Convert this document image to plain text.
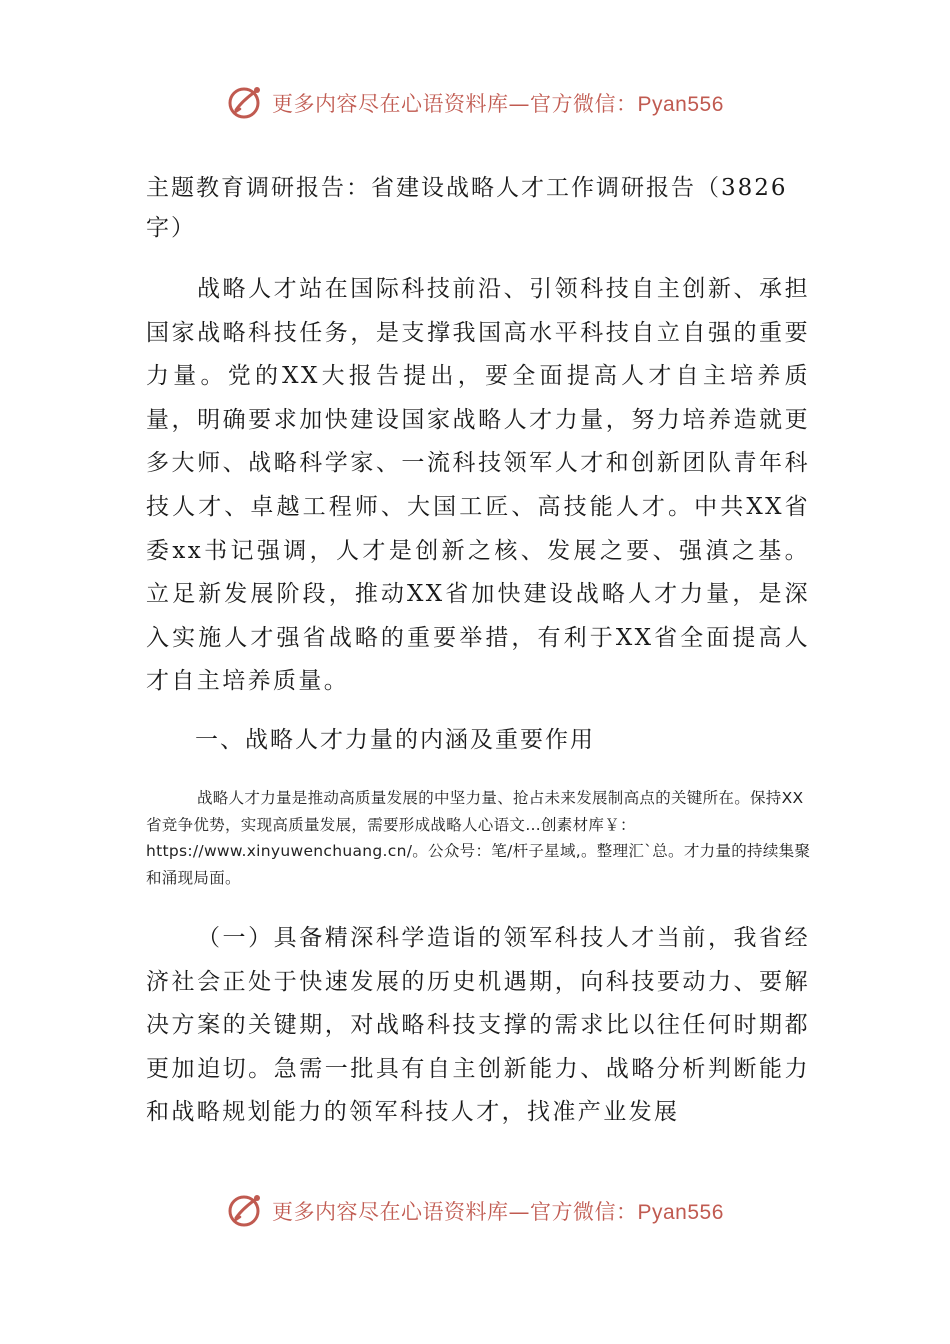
更多内容尽在心语资料库—官方微信：Pyan556
主题教育调研报告：省建设战略人才工作调研报告（3826字）

战略人才站在国际科技前沿、引领科技自主创新、承担国家战略科技任务，是支撑我国高水平科技自立自强的重要力量。党的XX大报告提出，要全面提高人才自主培养质量，明确要求加快建设国家战略人才力量，努力培养造就更多大师、战略科学家、一流科技领军人才和创新团队青年科技人才、卓越工程师、大国工匠、高技能人才。中共XX省委xx书记强调，人才是创新之核、发展之要、强滇之基。立足新发展阶段，推动XX省加快建设战略人才力量，是深入实施人才强省战略的重要举措，有利于XX省全面提高人才自主培养质量。

一、战略人才力量的内涵及重要作用

战略人才力量是推动高质量发展的中坚力量、抢占未来发展制高点的关键所在。保持XX省竞争优势，实现高质量发展，需要形成战略人心语文…创素材库￥：https://www.xinyuwenchuang.cn/。公众号：笔/杆子星域,。整理汇`总。才力量的持续集聚和涌现局面。

（一）具备精深科学造诣的领军科技人才当前，我省经济社会正处于快速发展的历史机遇期，向科技要动力、要解决方案的关键期，对战略科技支撑的需求比以往任何时期都更加迫切。急需一批具有自主创新能力、战略分析判断能力和战略规划能力的领军科技人才，找准产业发展

更多内容尽在心语资料库—官方微信：Pyan556
